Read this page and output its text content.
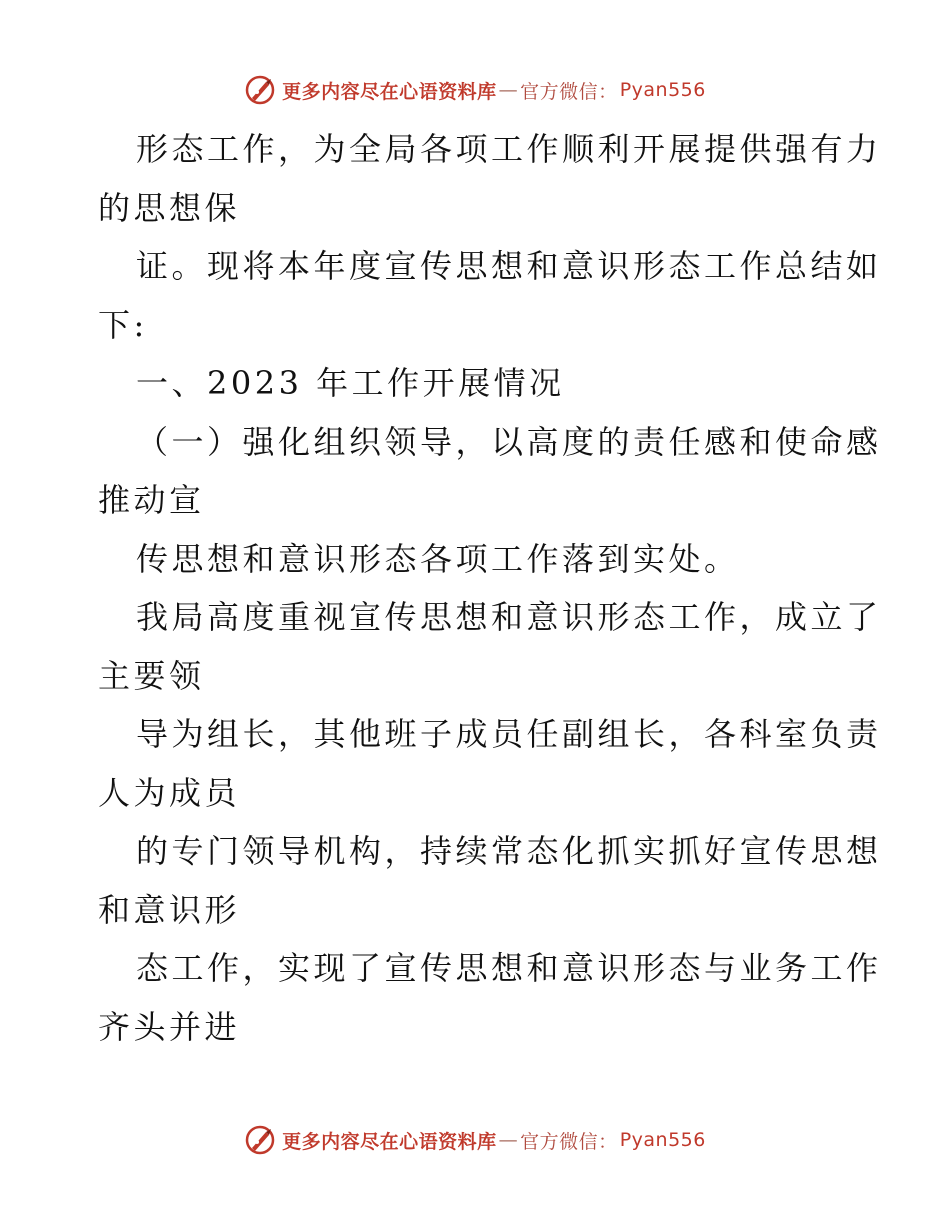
更多内容尽在心语资料库 — 官方微信： Pyan556
形态工作，为全局各项工作顺利开展提供强有力
的思想保
证。现将本年度宣传思想和意识形态工作总结如
下:
一、2023 年工作开展情况
（一）强化组织领导，以高度的责任感和使命感
推动宣
传思想和意识形态各项工作落到实处。
我局高度重视宣传思想和意识形态工作，成立了
主要领
导为组长，其他班子成员任副组长，各科室负责
人为成员
的专门领导机构，持续常态化抓实抓好宣传思想
和意识形
态工作，实现了宣传思想和意识形态与业务工作
齐头并进
更多内容尽在心语资料库 — 官方微信： Pyan556
